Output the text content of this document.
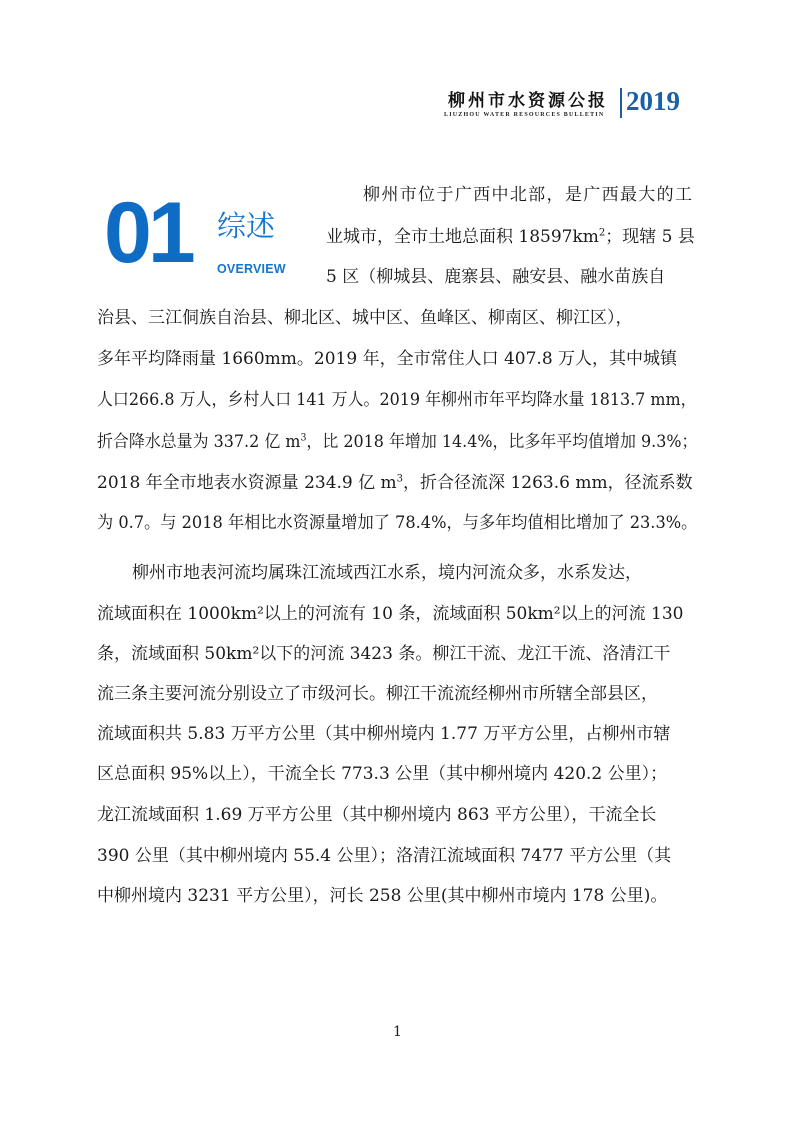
柳州市水资源公报
LIUZHOU WATER RESOURCES BULLETIN 2019
01 综述
OVERVIEW
柳州市位于广西中北部，是广西最大的工
业城市，全市土地总面积 $18597km^2$；现辖 5 县
5 区（柳城县、鹿寨县、融安县、融水苗族自
治县、三江侗族自治县、柳北区、城中区、鱼峰区、柳南区、柳江区），
多年平均降雨量 1660mm。2019 年，全市常住人口 407.8 万人，其中城镇
人口266.8 万人，乡村人口 141 万人。2019 年柳州市年平均降水量 1813.7 mm，
折合降水总量为 337.2 亿 $m^3$，比 2018 年增加 14.4%，比多年平均值增加 9.3%；
2018 年全市地表水资源量 234.9 亿 $m^3$，折合径流深 1263.6 mm，径流系数
为 0.7。与 2018 年相比水资源量增加了 78.4%，与多年均值相比增加了 23.3%。
柳州市地表河流均属珠江流域西江水系，境内河流众多，水系发达，
流域面积在 1000km²以上的河流有 10 条，流域面积 50km²以上的河流 130
条，流域面积 50km²以下的河流 3423 条。柳江干流、龙江干流、洛清江干
流三条主要河流分别设立了市级河长。柳江干流流经柳州市所辖全部县区，
流域面积共 5.83 万平方公里（其中柳州境内 1.77 万平方公里，占柳州市辖
区总面积 95%以上），干流全长 773.3 公里（其中柳州境内 420.2 公里）；
龙江流域面积 1.69 万平方公里（其中柳州境内 863 平方公里），干流全长
390 公里（其中柳州境内 55.4 公里）；洛清江流域面积 7477 平方公里（其
中柳州境内 3231 平方公里），河长 258 公里(其中柳州市境内 178 公里)。
1
